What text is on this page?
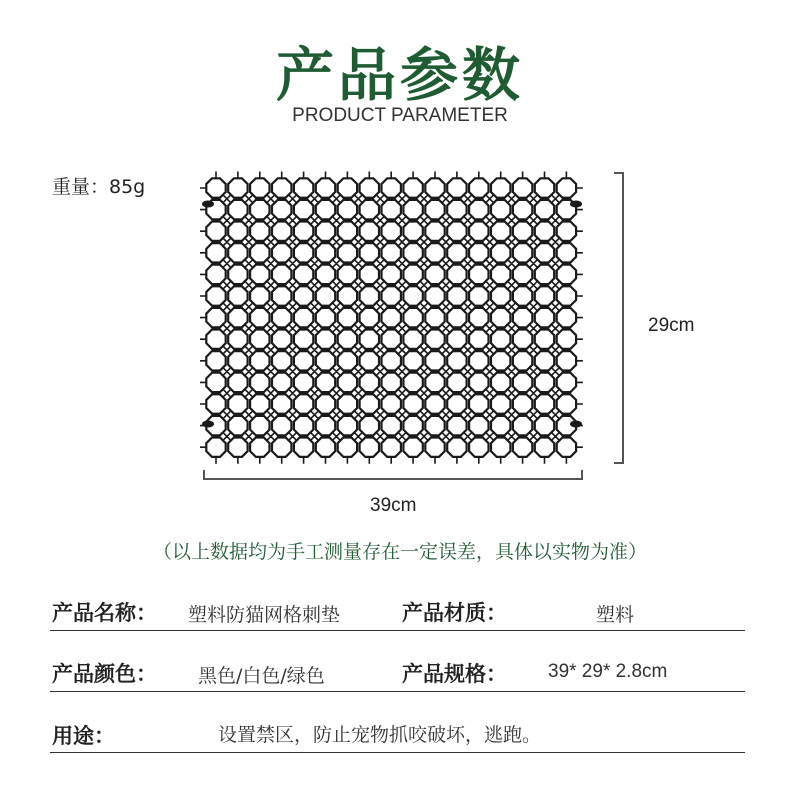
产品参数
PRODUCT PARAMETER
重量：85g
29cm
39cm
（以上数据均为手工测量存在一定误差，具体以实物为准）
产品名称： 塑料防猫网格刺垫	产品材质：	塑料
产品颜色： 黑色/白色/绿色	产品规格： 39* 29* 2.8cm
用途：	设置禁区，防止宠物抓咬破坏，逃跑。
